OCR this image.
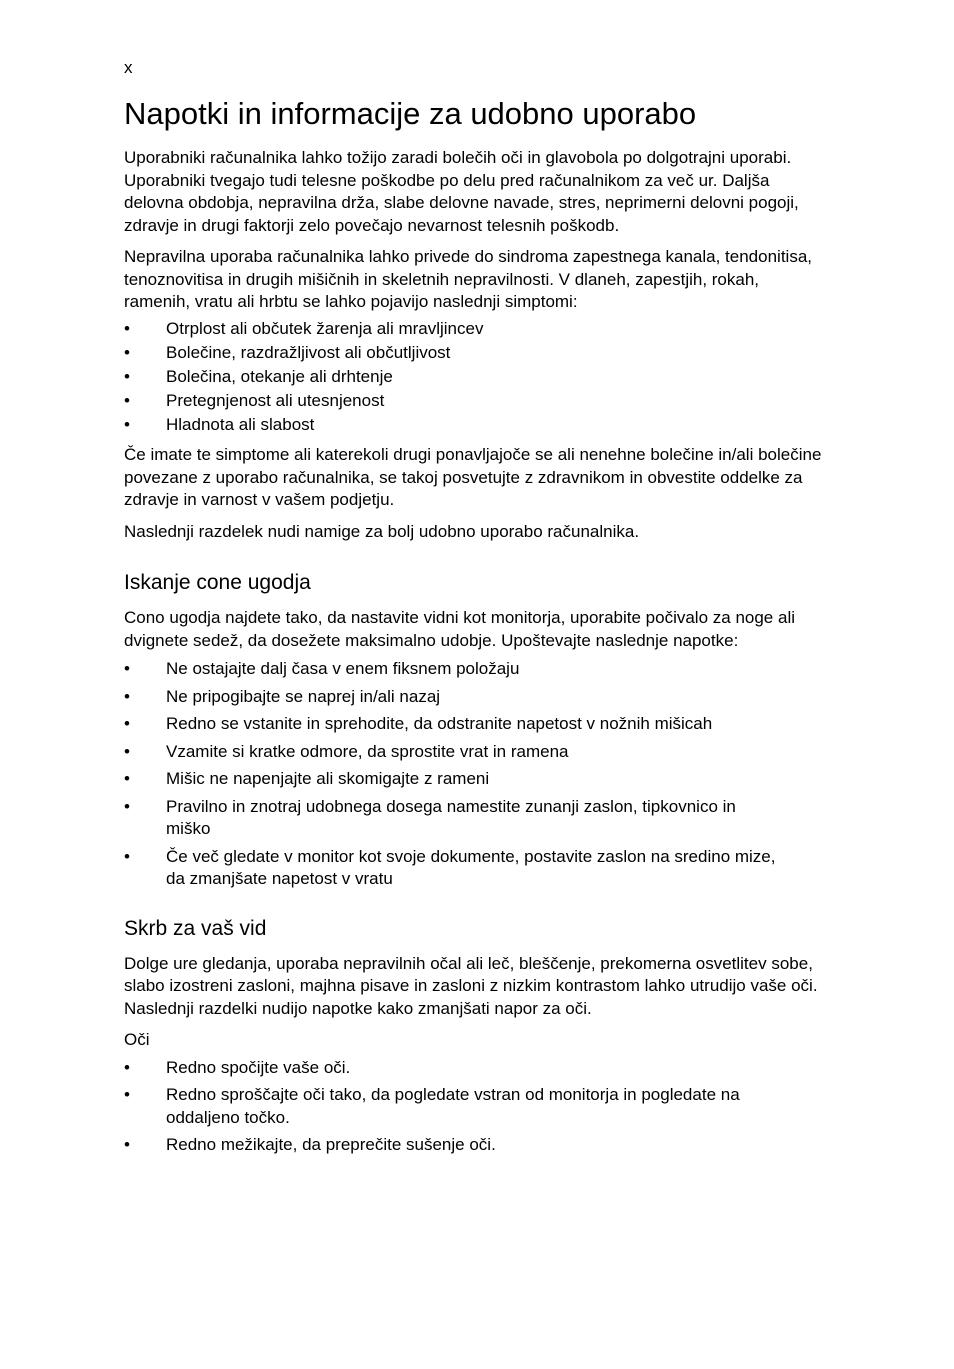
x
Napotki in informacije za udobno uporabo

Uporabniki računalnika lahko tožijo zaradi bolečih oči in glavobola po dolgotrajni uporabi. Uporabniki tvegajo tudi telesne poškodbe po delu pred računalnikom za več ur. Daljša delovna obdobja, nepravilna drža, slabe delovne navade, stres, neprimerni delovni pogoji, zdravje in drugi faktorji zelo povečajo nevarnost telesnih poškodb.

Nepravilna uporaba računalnika lahko privede do sindroma zapestnega kanala, tendonitisa, tenoznovitisa in drugih mišičnih in skeletnih nepravilnosti. V dlaneh, zapestjih, rokah, ramenih, vratu ali hrbtu se lahko pojavijo naslednji simptomi:

• Otrplost ali občutek žarenja ali mravljincev
• Bolečine, razdražljivost ali občutljivost
• Bolečina, otekanje ali drhtenje
• Pretegnjenost ali utesnjenost
• Hladnota ali slabost

Če imate te simptome ali katerekoli drugi ponavljajoče se ali nenehne bolečine in/ali bolečine povezane z uporabo računalnika, se takoj posvetujte z zdravnikom in obvestite oddelke za zdravje in varnost v vašem podjetju.

Naslednji razdelek nudi namige za bolj udobno uporabo računalnika.

Iskanje cone ugodja

Cono ugodja najdete tako, da nastavite vidni kot monitorja, uporabite počivalo za noge ali dvignete sedež, da dosežete maksimalno udobje. Upoštevajte naslednje napotke:

• Ne ostajajte dalj časa v enem fiksnem položaju
• Ne pripogibajte se naprej in/ali nazaj
• Redno se vstanite in sprehodite, da odstranite napetost v nožnih mišicah
• Vzamite si kratke odmore, da sprostite vrat in ramena
• Mišic ne napenjajte ali skomigajte z rameni
• Pravilno in znotraj udobnega dosega namestite zunanji zaslon, tipkovnico in miško
• Če več gledate v monitor kot svoje dokumente, postavite zaslon na sredino mize, da zmanjšate napetost v vratu
Skrb za vaš vid

Dolge ure gledanja, uporaba nepravilnih očal ali leč, bleščenje, prekomerna osvetlitev sobe, slabo izostreni zasloni, majhna pisave in zasloni z nizkim kontrastom lahko utrudijo vaše oči. Naslednji razdelki nudijo napotke kako zmanjšati napor za oči.

Oči

• Redno spočijte vaše oči.
• Redno sproščajte oči tako, da pogledate vstran od monitorja in pogledate na oddaljeno točko.
• Redno mežikajte, da preprečite sušenje oči.
